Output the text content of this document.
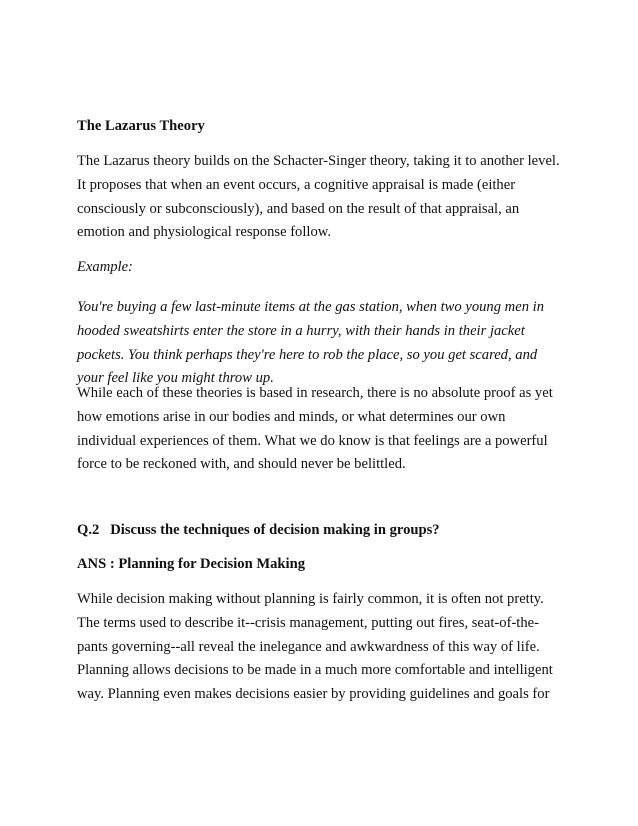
The Lazarus Theory
The Lazarus theory builds on the Schacter-Singer theory, taking it to another level.
It proposes that when an event occurs, a cognitive appraisal is made (either
consciously or subconsciously), and based on the result of that appraisal, an
emotion and physiological response follow.
Example:
You're buying a few last-minute items at the gas station, when two young men in
hooded sweatshirts enter the store in a hurry, with their hands in their jacket
pockets. You think perhaps they're here to rob the place, so you get scared, and
your feel like you might throw up.
While each of these theories is based in research, there is no absolute proof as yet
how emotions arise in our bodies and minds, or what determines our own
individual experiences of them. What we do know is that feelings are a powerful
force to be reckoned with, and should never be belittled.
Q.2   Discuss the techniques of decision making in groups?
ANS : Planning for Decision Making
While decision making without planning is fairly common, it is often not pretty.
The terms used to describe it--crisis management, putting out fires, seat-of-the-
pants governing--all reveal the inelegance and awkwardness of this way of life.
Planning allows decisions to be made in a much more comfortable and intelligent
way. Planning even makes decisions easier by providing guidelines and goals for
